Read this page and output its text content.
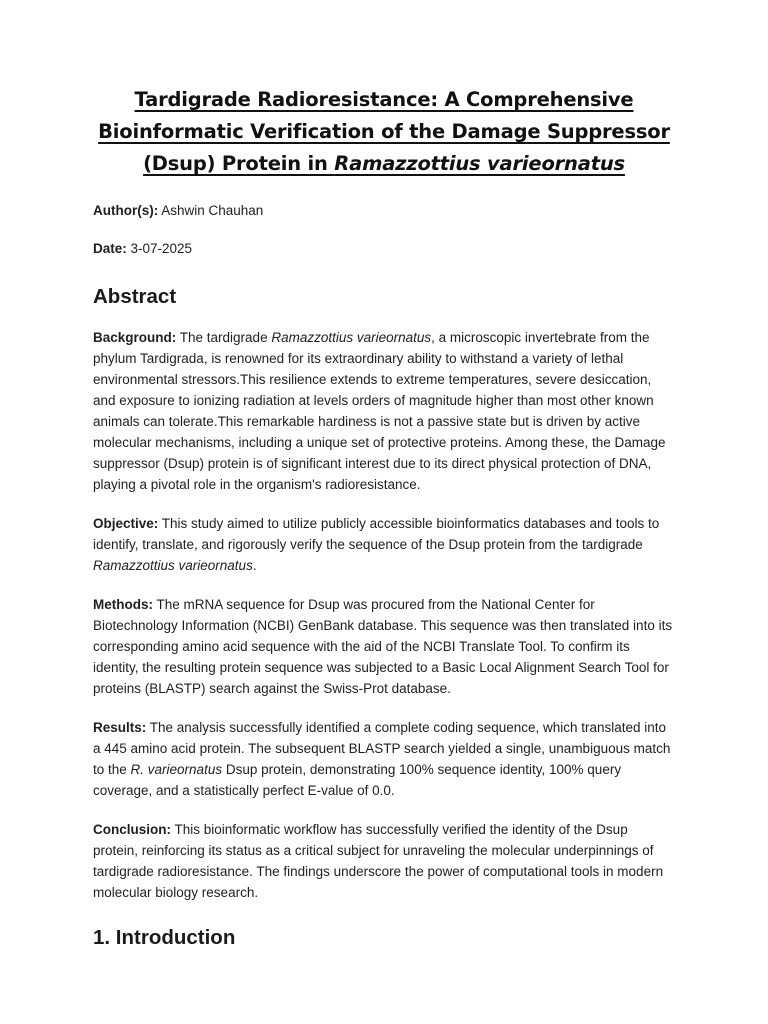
Tardigrade Radioresistance: A Comprehensive
Bioinformatic Verification of the Damage Suppressor
(Dsup) Protein in Ramazzottius varieornatus

Author(s): Ashwin Chauhan

Date: 3-07-2025

Abstract

Background: The tardigrade Ramazzottius varieornatus, a microscopic invertebrate from the phylum Tardigrada, is renowned for its extraordinary ability to withstand a variety of lethal environmental stressors.This resilience extends to extreme temperatures, severe desiccation, and exposure to ionizing radiation at levels orders of magnitude higher than most other known animals can tolerate.This remarkable hardiness is not a passive state but is driven by active molecular mechanisms, including a unique set of protective proteins. Among these, the Damage suppressor (Dsup) protein is of significant interest due to its direct physical protection of DNA, playing a pivotal role in the organism's radioresistance.

Objective: This study aimed to utilize publicly accessible bioinformatics databases and tools to identify, translate, and rigorously verify the sequence of the Dsup protein from the tardigrade Ramazzottius varieornatus.

Methods: The mRNA sequence for Dsup was procured from the National Center for Biotechnology Information (NCBI) GenBank database. This sequence was then translated into its corresponding amino acid sequence with the aid of the NCBI Translate Tool. To confirm its identity, the resulting protein sequence was subjected to a Basic Local Alignment Search Tool for proteins (BLASTP) search against the Swiss-Prot database.

Results: The analysis successfully identified a complete coding sequence, which translated into a 445 amino acid protein. The subsequent BLASTP search yielded a single, unambiguous match to the R. varieornatus Dsup protein, demonstrating 100% sequence identity, 100% query coverage, and a statistically perfect E-value of 0.0.

Conclusion: This bioinformatic workflow has successfully verified the identity of the Dsup protein, reinforcing its status as a critical subject for unraveling the molecular underpinnings of tardigrade radioresistance. The findings underscore the power of computational tools in modern molecular biology research.

1. Introduction
